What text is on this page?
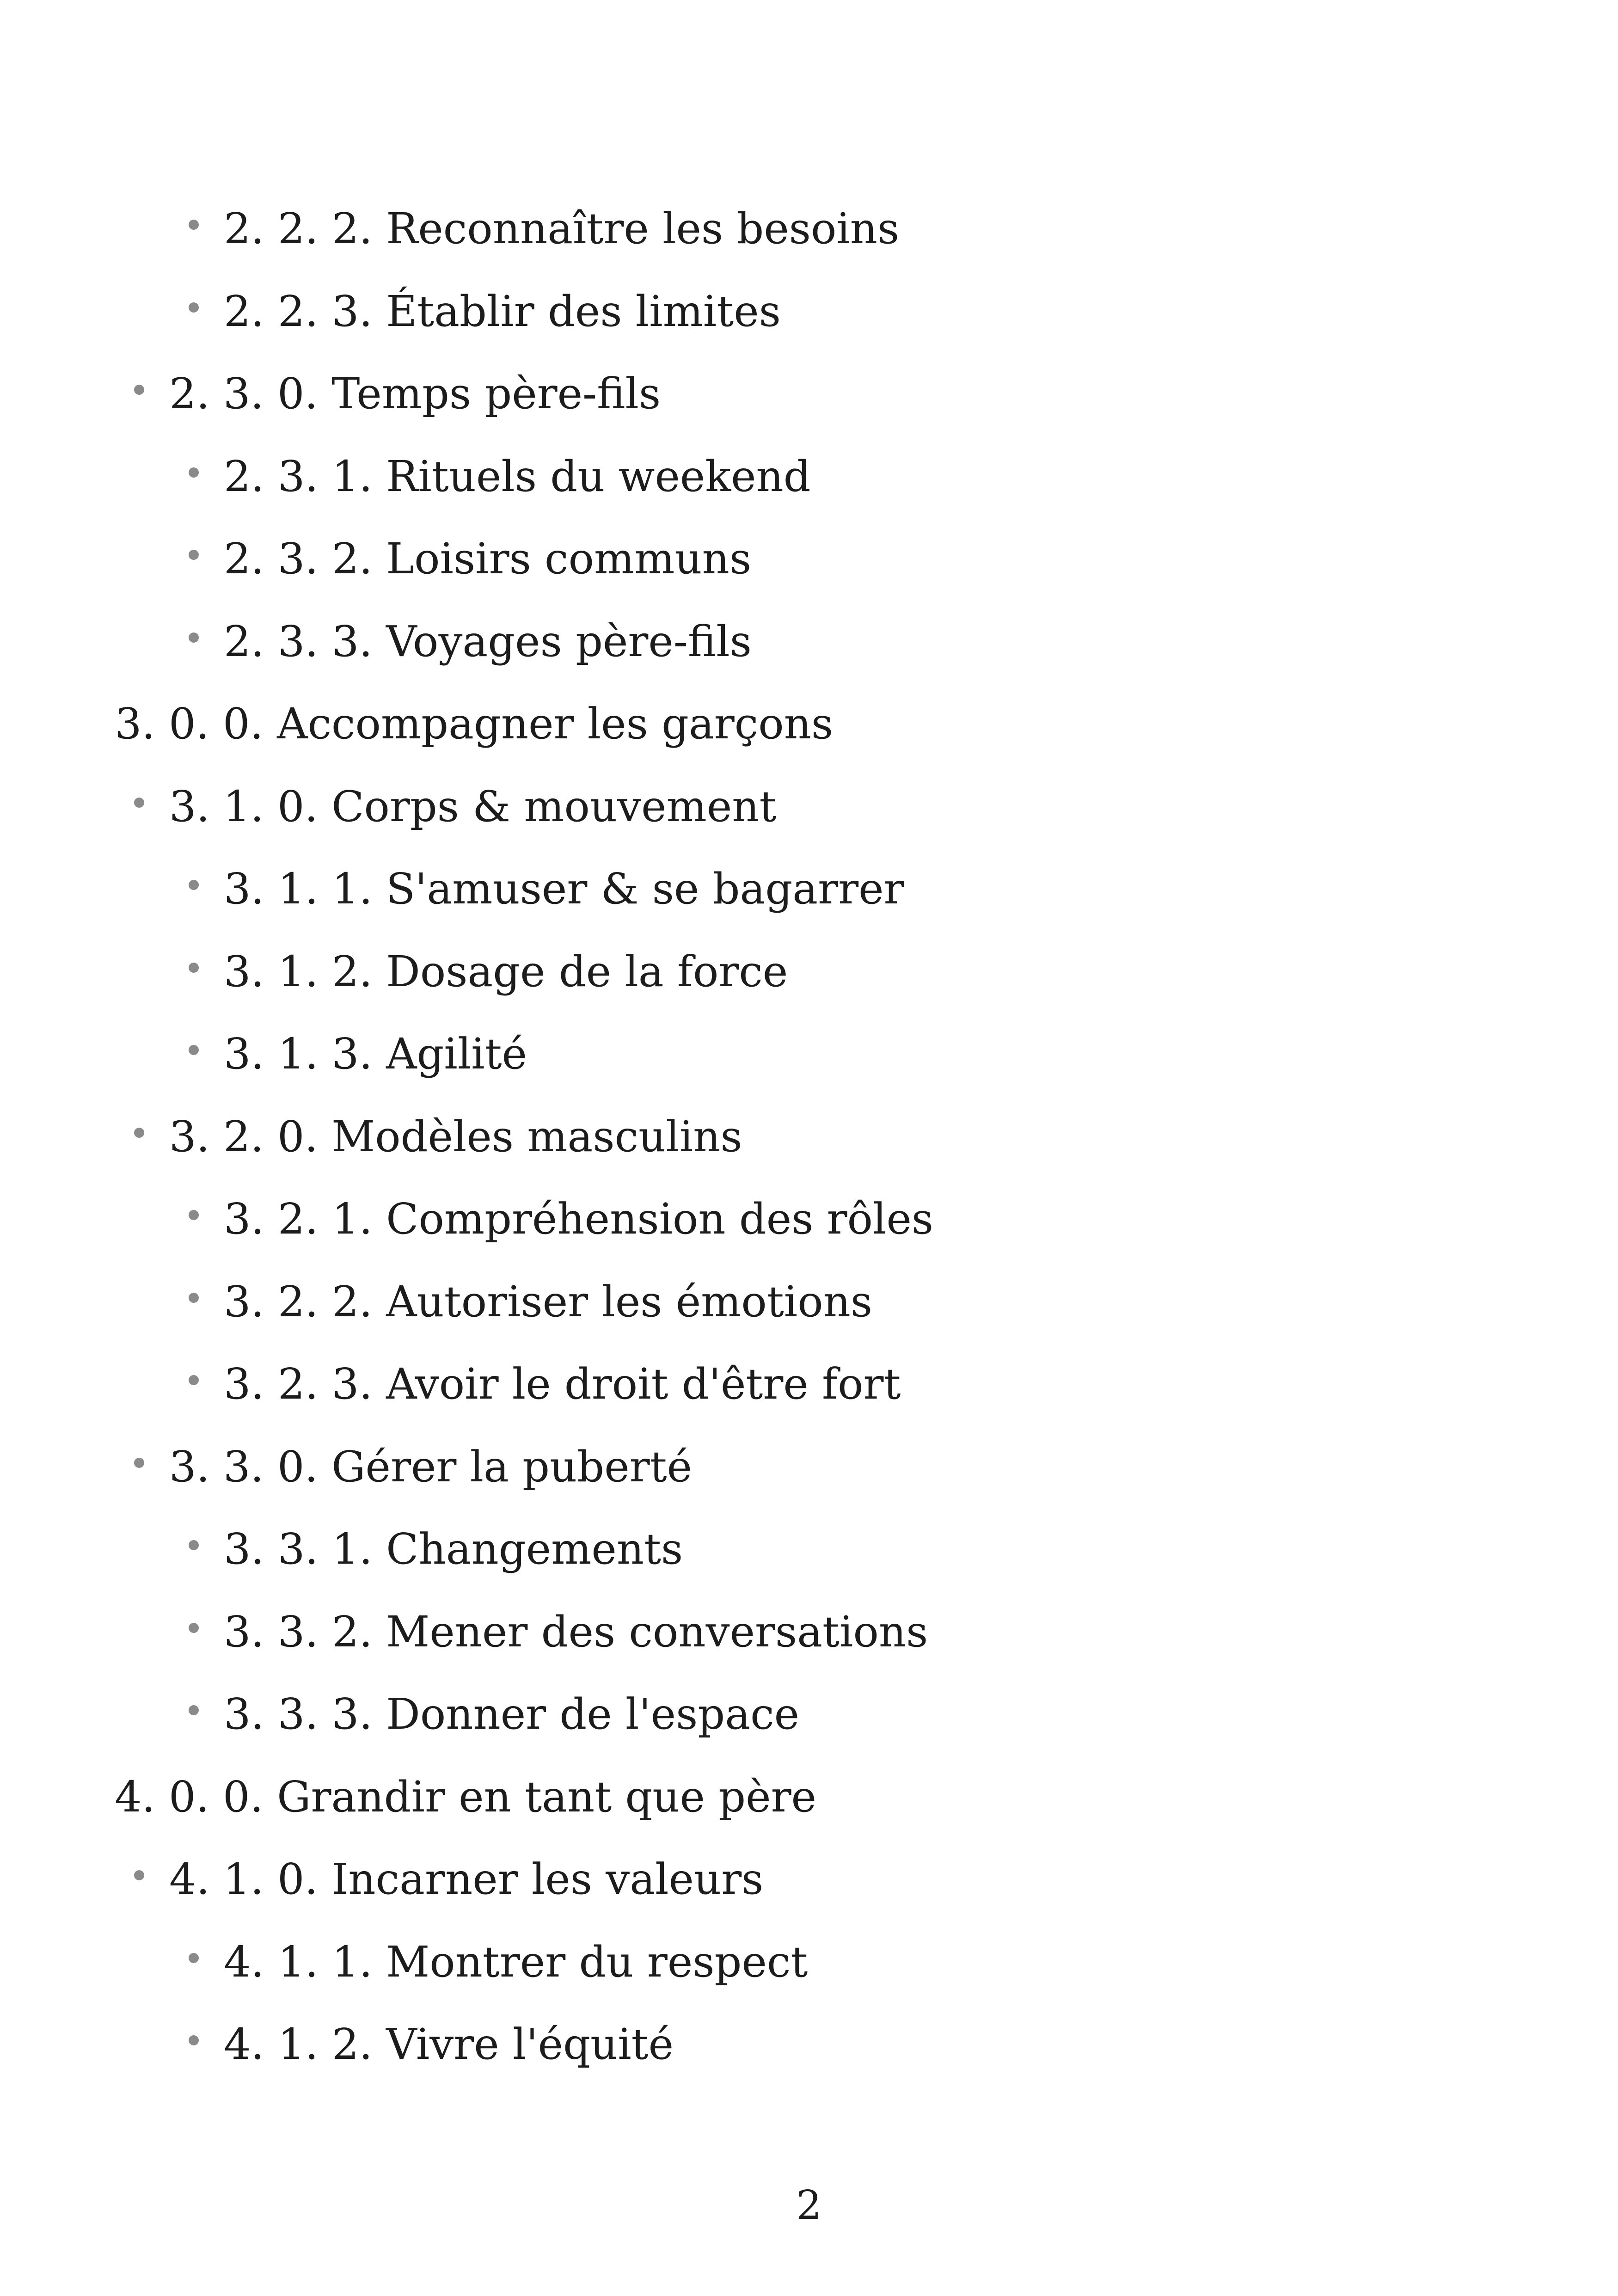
2. 2. 2. Reconnaître les besoins
2. 2. 3. Établir des limites
2. 3. 0. Temps père-fils
2. 3. 1. Rituels du weekend
2. 3. 2. Loisirs communs
2. 3. 3. Voyages père-fils
3. 0. 0. Accompagner les garçons
3. 1. 0. Corps & mouvement
3. 1. 1. S'amuser & se bagarrer
3. 1. 2. Dosage de la force
3. 1. 3. Agilité
3. 2. 0. Modèles masculins
3. 2. 1. Compréhension des rôles
3. 2. 2. Autoriser les émotions
3. 2. 3. Avoir le droit d'être fort
3. 3. 0. Gérer la puberté
3. 3. 1. Changements
3. 3. 2. Mener des conversations
3. 3. 3. Donner de l'espace
4. 0. 0. Grandir en tant que père
4. 1. 0. Incarner les valeurs
4. 1. 1. Montrer du respect
4. 1. 2. Vivre l'équité
2
